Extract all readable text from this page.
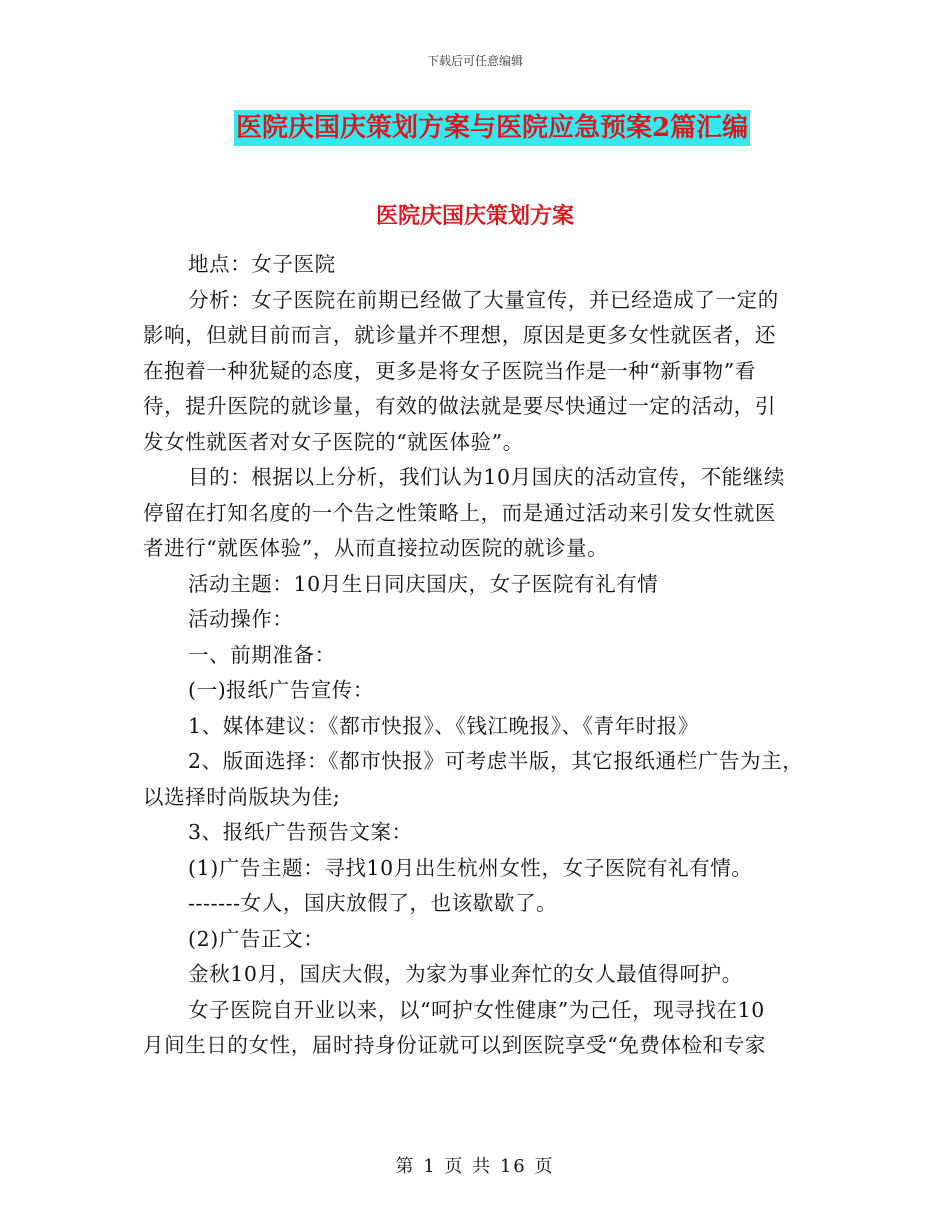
下载后可任意编辑
医院庆国庆策划方案与医院应急预案2篇汇编
医院庆国庆策划方案
地点：女子医院
分析：女子医院在前期已经做了大量宣传，并已经造成了一定的
影响，但就目前而言，就诊量并不理想，原因是更多女性就医者，还
在抱着一种犹疑的态度，更多是将女子医院当作是一种“新事物”看
待，提升医院的就诊量，有效的做法就是要尽快通过一定的活动，引
发女性就医者对女子医院的“就医体验”。
目的：根据以上分析，我们认为10月国庆的活动宣传，不能继续
停留在打知名度的一个告之性策略上，而是通过活动来引发女性就医
者进行“就医体验”，从而直接拉动医院的就诊量。
活动主题：10月生日同庆国庆，女子医院有礼有情
活动操作：
一、前期准备：
(一)报纸广告宣传：
1、媒体建议：《都市快报》、《钱江晚报》、《青年时报》
2、版面选择：《都市快报》可考虑半版，其它报纸通栏广告为主，
以选择时尚版块为佳;
3、报纸广告预告文案：
(1)广告主题：寻找10月出生杭州女性，女子医院有礼有情。
-------女人，国庆放假了，也该歇歇了。
(2)广告正文：
金秋10月，国庆大假，为家为事业奔忙的女人最值得呵护。
女子医院自开业以来，以“呵护女性健康”为己任，现寻找在10
月间生日的女性，届时持身份证就可以到医院享受“免费体检和专家
第 1 页 共 16 页
